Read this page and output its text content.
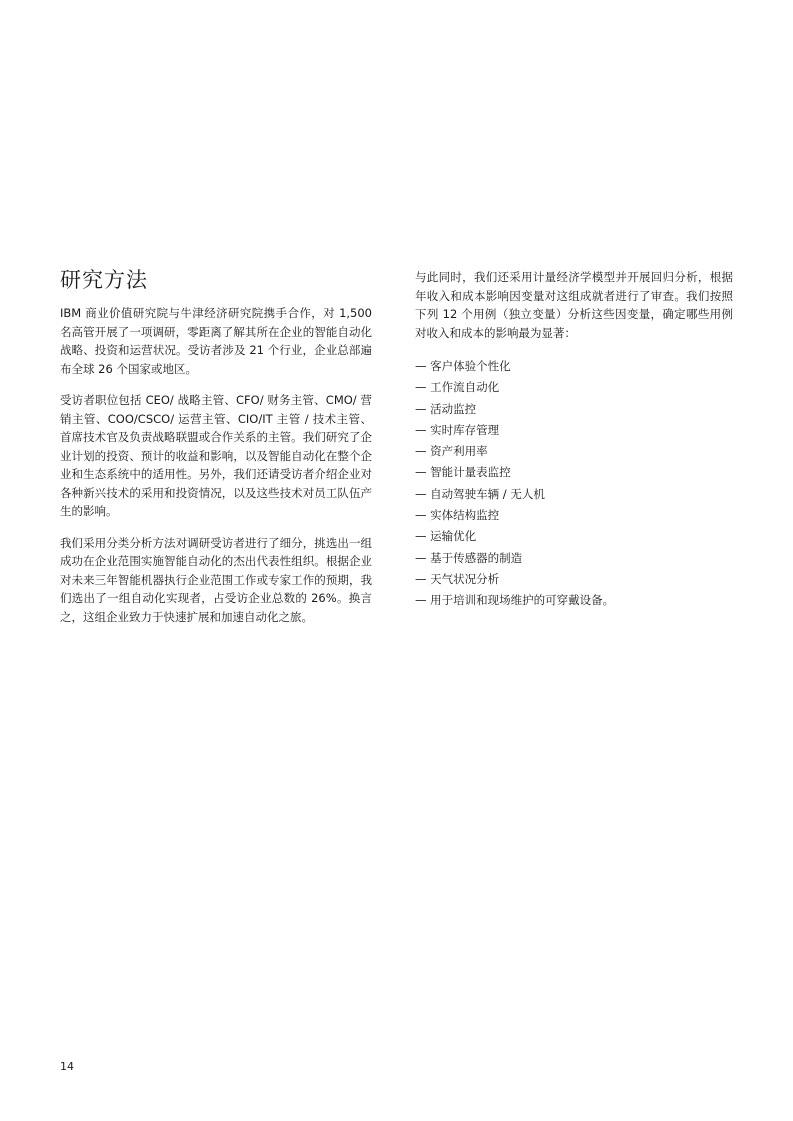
研究方法

IBM 商业价值研究院与牛津经济研究院携手合作，对 1,500 名高管开展了一项调研，零距离了解其所在企业的智能自动化战略、投资和运营状况。受访者涉及 21 个行业，企业总部遍布全球 26 个国家或地区。

受访者职位包括 CEO/ 战略主管、CFO/ 财务主管、CMO/ 营销主管、COO/CSCO/ 运营主管、CIO/IT 主管 / 技术主管、首席技术官及负责战略联盟或合作关系的主管。我们研究了企业计划的投资、预计的收益和影响，以及智能自动化在整个企业和生态系统中的适用性。另外，我们还请受访者介绍企业对各种新兴技术的采用和投资情况，以及这些技术对员工队伍产生的影响。

我们采用分类分析方法对调研受访者进行了细分，挑选出一组成功在企业范围实施智能自动化的杰出代表性组织。根据企业对未来三年智能机器执行企业范围工作或专家工作的预期，我们选出了一组自动化实现者，占受访企业总数的 26%。换言之，这组企业致力于快速扩展和加速自动化之旅。

与此同时，我们还采用计量经济学模型并开展回归分析，根据年收入和成本影响因变量对这组成就者进行了审查。我们按照下列 12 个用例（独立变量）分析这些因变量，确定哪些用例对收入和成本的影响最为显著：

— 客户体验个性化
— 工作流自动化
— 活动监控
— 实时库存管理
— 资产利用率
— 智能计量表监控
— 自动驾驶车辆 / 无人机
— 实体结构监控
— 运输优化
— 基于传感器的制造
— 天气状况分析
— 用于培训和现场维护的可穿戴设备。
14
